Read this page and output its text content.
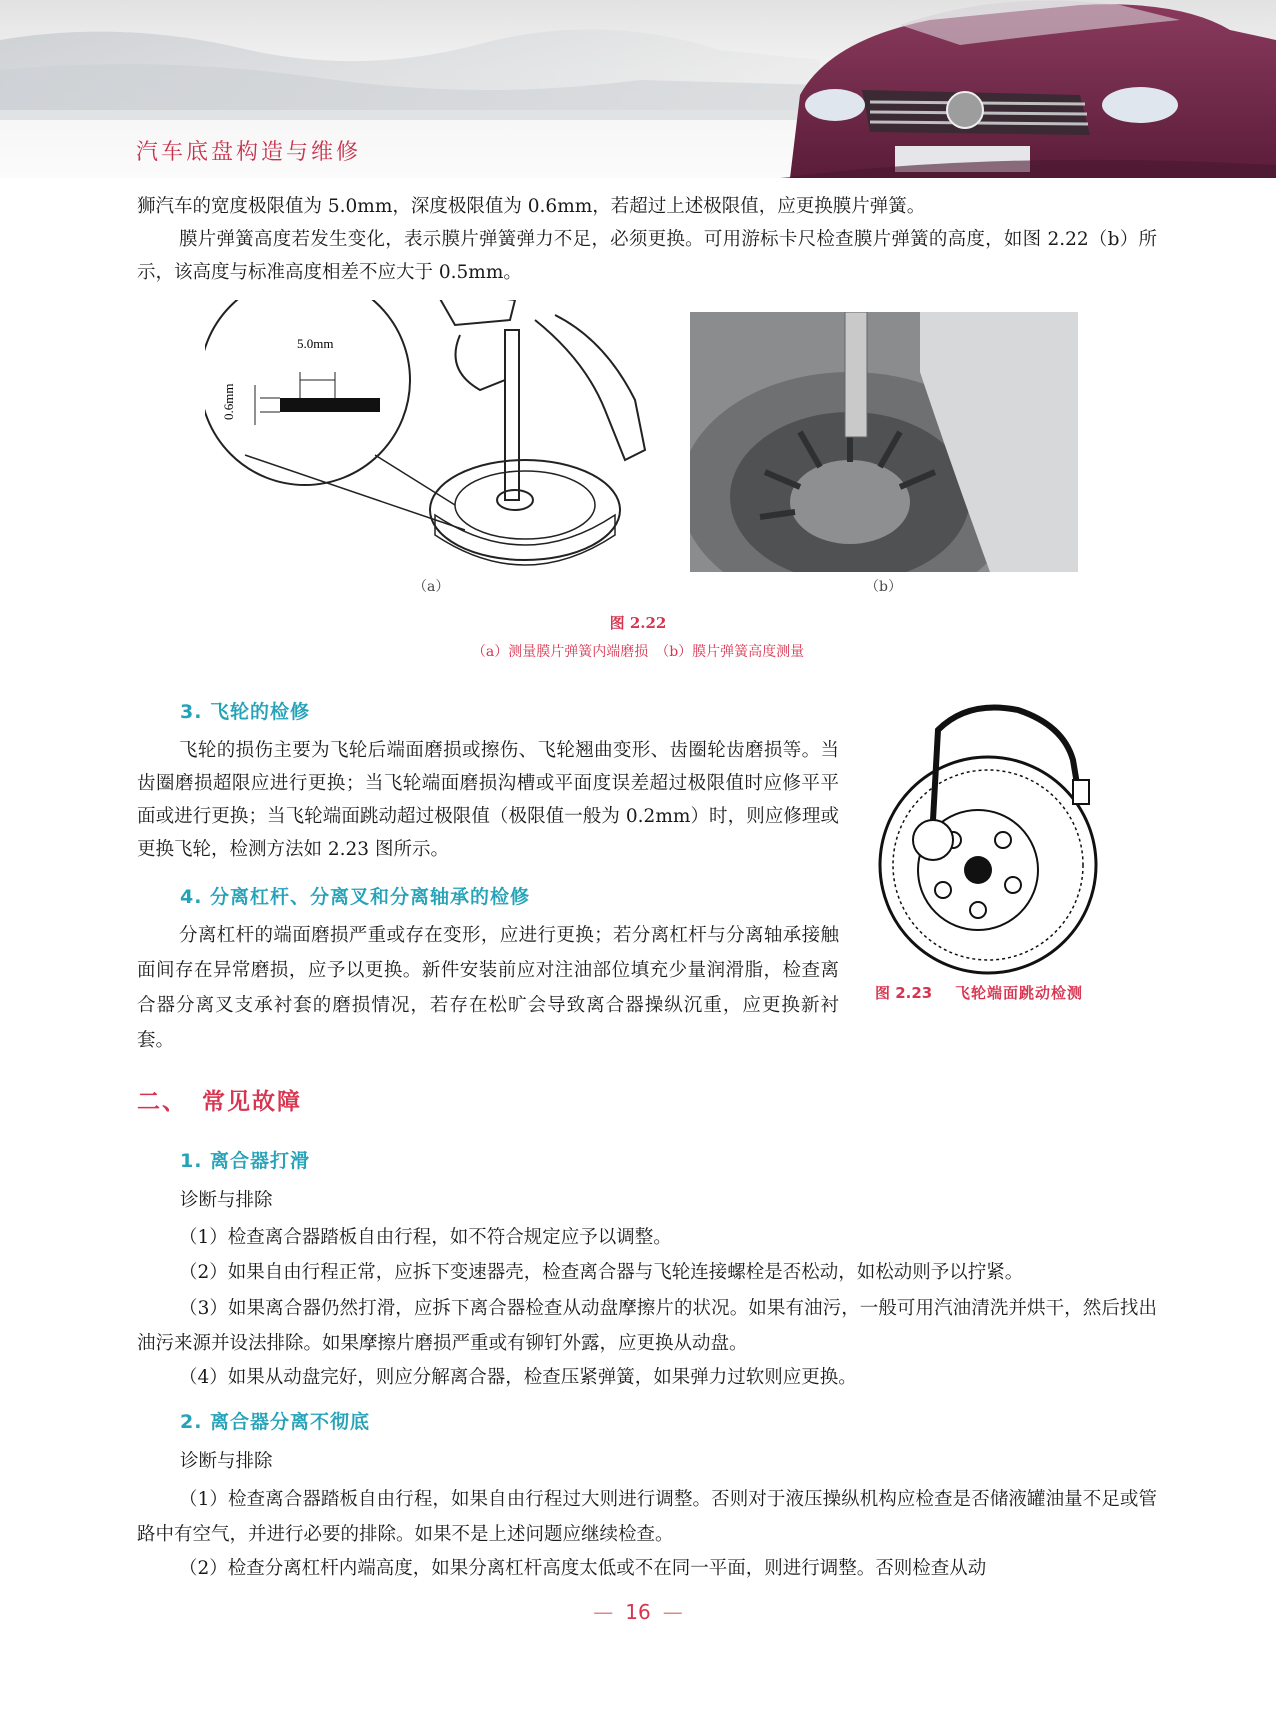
汽车底盘构造与维修
狮汽车的宽度极限值为 5.0mm，深度极限值为 0.6mm，若超过上述极限值，应更换膜片弹簧。
膜片弹簧高度若发生变化，表示膜片弹簧弹力不足，必须更换。可用游标卡尺检查膜片弹簧的高度，如图 2.22（b）所示，该高度与标准高度相差不应大于 0.5mm。
5.0mm
0.6mm
（a）	（b）
图 2.22
（a）测量膜片弹簧内端磨损　（b）膜片弹簧高度测量
3. 飞轮的检修
飞轮的损伤主要为飞轮后端面磨损或擦伤、飞轮翘曲变形、齿圈轮齿磨损等。当齿圈磨损超限应进行更换；当飞轮端面磨损沟槽或平面度误差超过极限值时应修平平面或进行更换；当飞轮端面跳动超过极限值（极限值一般为 0.2mm）时，则应修理或更换飞轮，检测方法如 2.23 图所示。
4. 分离杠杆、分离叉和分离轴承的检修
分离杠杆的端面磨损严重或存在变形，应进行更换；若分离杠杆与分离轴承接触面间存在异常磨损，应予以更换。新件安装前应对注油部位填充少量润滑脂，检查离合器分离叉支承衬套的磨损情况，若存在松旷会导致离合器操纵沉重，应更换新衬套。
图 2.23 飞轮端面跳动检测
二、 常见故障
1. 离合器打滑
诊断与排除
（1）检查离合器踏板自由行程，如不符合规定应予以调整。
（2）如果自由行程正常，应拆下变速器壳，检查离合器与飞轮连接螺栓是否松动，如松动则予以拧紧。
（3）如果离合器仍然打滑，应拆下离合器检查从动盘摩擦片的状况。如果有油污，一般可用汽油清洗并烘干，然后找出油污来源并设法排除。如果摩擦片磨损严重或有铆钉外露，应更换从动盘。
（4）如果从动盘完好，则应分解离合器，检查压紧弹簧，如果弹力过软则应更换。
2. 离合器分离不彻底
诊断与排除
（1）检查离合器踏板自由行程，如果自由行程过大则进行调整。否则对于液压操纵机构应检查是否储液罐油量不足或管路中有空气，并进行必要的排除。如果不是上述问题应继续检查。
（2）检查分离杠杆内端高度，如果分离杠杆高度太低或不在同一平面，则进行调整。否则检查从动
— 16 —
